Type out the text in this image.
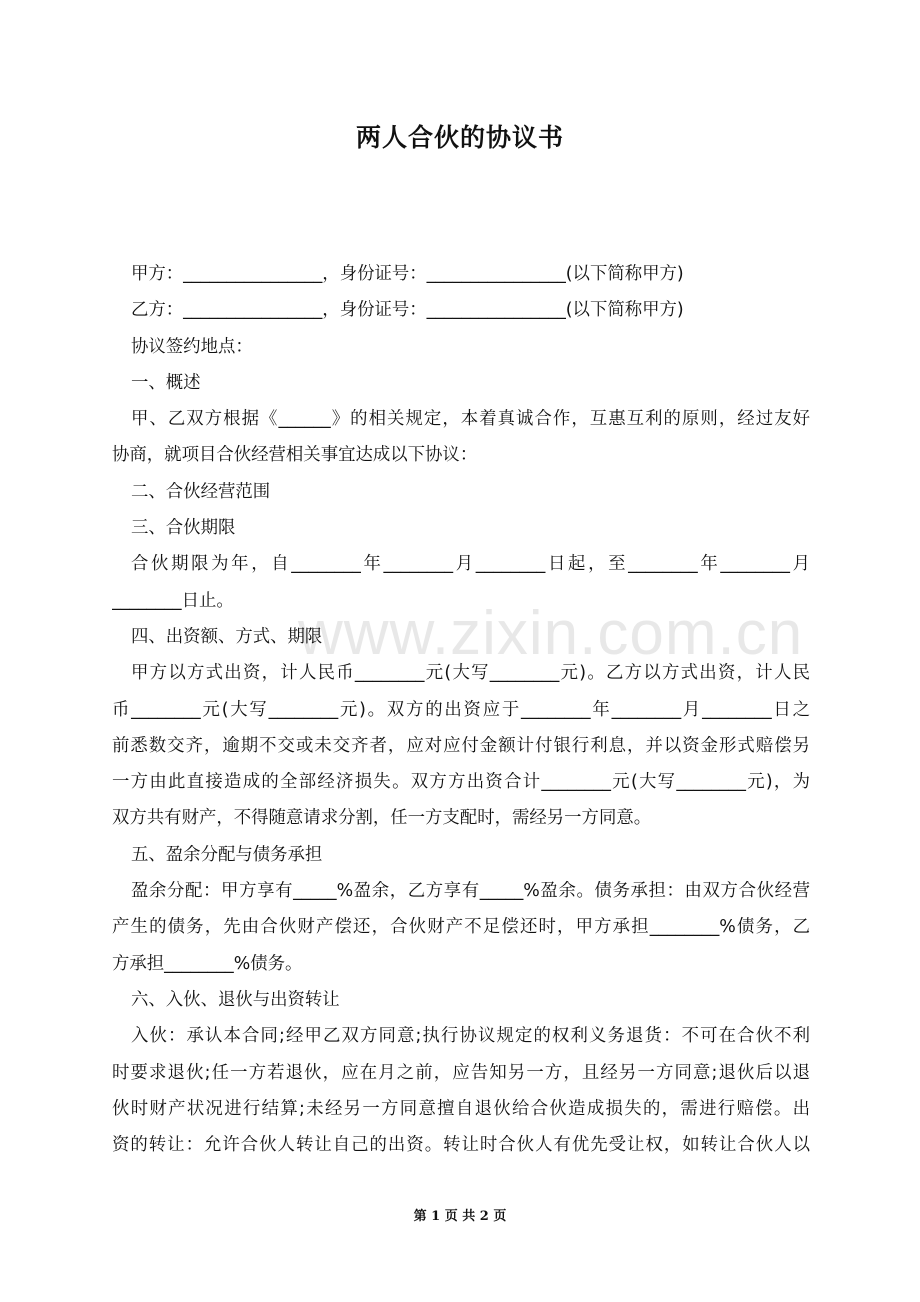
两人合伙的协议书
www.zixin.com.cn
甲方：________________，身份证号：________________(以下简称甲方)
乙方：________________，身份证号：________________(以下简称甲方)
协议签约地点：
一、概述
甲、乙双方根据《______》的相关规定，本着真诚合作，互惠互利的原则，经过友好
协商，就项目合伙经营相关事宜达成以下协议：
二、合伙经营范围
三、合伙期限
合伙期限为年，自________年________月________日起，至________年________月
________日止。
四、出资额、方式、期限
甲方以方式出资，计人民币________元(大写________元)。乙方以方式出资，计人民
币________元(大写________元)。双方的出资应于________年________月________日之
前悉数交齐，逾期不交或未交齐者，应对应付金额计付银行利息，并以资金形式赔偿另
一方由此直接造成的全部经济损失。双方方出资合计________元(大写________元)，为
双方共有财产，不得随意请求分割，任一方支配时，需经另一方同意。
五、盈余分配与债务承担
盈余分配：甲方享有_____%盈余，乙方享有_____%盈余。债务承担：由双方合伙经营
产生的债务，先由合伙财产偿还，合伙财产不足偿还时，甲方承担________%债务，乙
方承担________%债务。
六、入伙、退伙与出资转让
入伙：承认本合同;经甲乙双方同意;执行协议规定的权利义务退货：不可在合伙不利
时要求退伙;任一方若退伙，应在月之前，应告知另一方，且经另一方同意;退伙后以退
伙时财产状况进行结算;未经另一方同意擅自退伙给合伙造成损失的，需进行赔偿。出
资的转让：允许合伙人转让自己的出资。转让时合伙人有优先受让权，如转让合伙人以
第 1 页 共 2 页
